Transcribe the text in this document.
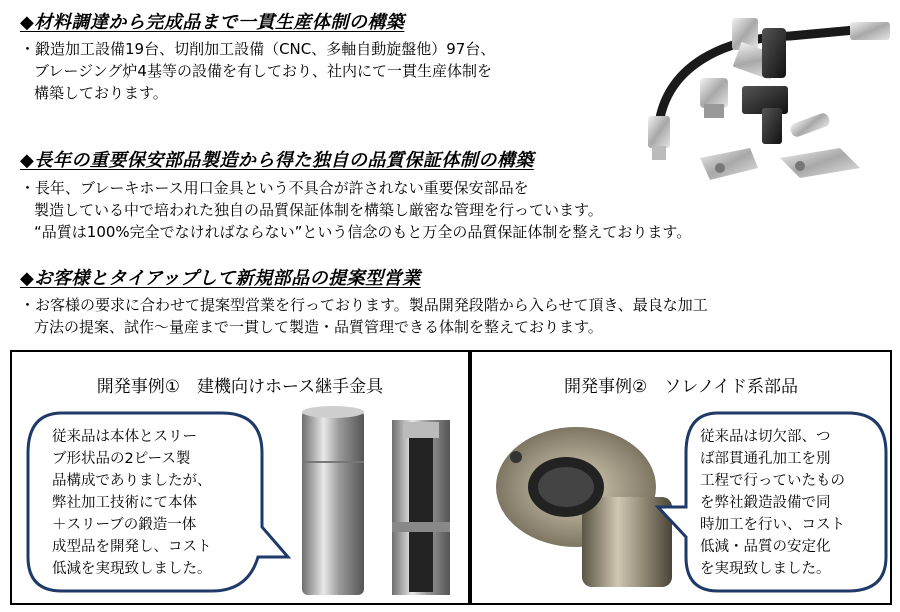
◆材料調達から完成品まで一貫生産体制の構築
・鍛造加工設備19台、切削加工設備（CNC、多軸自動旋盤他）97台、

ブレージング炉4基等の設備を有しており、社内にて一貫生産体制を
構築しております。
◆長年の重要保安部品製造から得た独自の品質保証体制の構築
・長年、ブレーキホース用口金具という不具合が許されない重要保安部品を

製造している中で培われた独自の品質保証体制を構築し厳密な管理を行っています。
“品質は100%完全でなければならない”という信念のもと万全の品質保証体制を整えております。
◆お客様とタイアップして新規部品の提案型営業
・お客様の要求に合わせて提案型営業を行っております。製品開発段階から入らせて頂き、最良な加工

方法の提案、試作～量産まで一貫して製造・品質管理できる体制を整えております。
開発事例①　建機向けホース継手金具
従来品は本体とスリー
ブ形状品の2ピース製
品構成でありましたが、
弊社加工技術にて本体
＋スリーブの鍛造一体
成型品を開発し、コスト
低減を実現致しました。
開発事例②　ソレノイド系部品
従来品は切欠部、つ
ば部貫通孔加工を別
工程で行っていたもの
を弊社鍛造設備で同
時加工を行い、コスト
低減・品質の安定化
を実現致しました。
